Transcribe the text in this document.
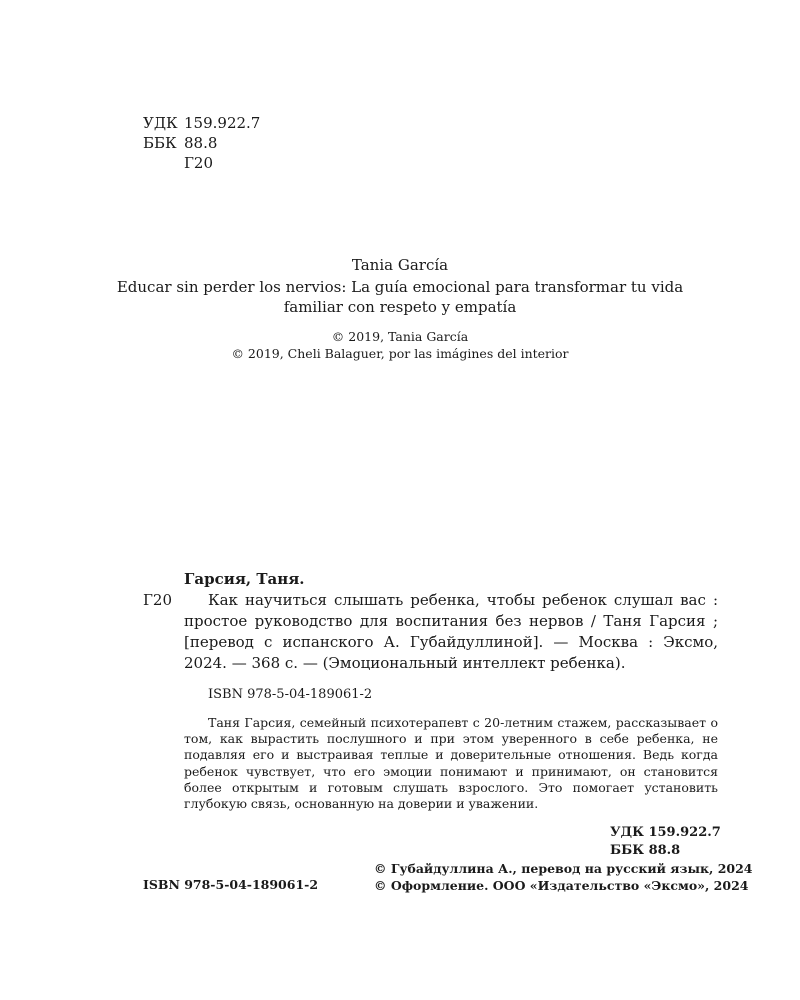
УДК 159.922.7
ББК 88.8
Г20
Tania García
Educar sin perder los nervios: La guía emocional para transformar tu vida
familiar con respeto y empatía
© 2019, Tania García
© 2019, Cheli Balaguer, por las imágines del interior
Гарсия, Таня.
Г20	Как научиться слышать ребенка, чтобы ребенок слушал вас : простое руководство для воспитания без нервов / Таня Гарсия ; [перевод с испанского А. Губайдуллиной]. — Москва : Эксмо, 2024. — 368 с. — (Эмоциональный интеллект ребенка).
ISBN 978-5-04-189061-2
Таня Гарсия, семейный психотерапевт с 20-летним стажем, рассказывает о том, как вырастить послушного и при этом уверенного в себе ребенка, не подавляя его и выстраивая теплые и доверительные отношения. Ведь когда ребенок чувствует, что его эмоции понимают и принимают, он становится более открытым и готовым слушать взрослого. Это помогает установить глубокую связь, основанную на доверии и уважении.
УДК 159.922.7
ББК 88.8
ISBN 978-5-04-189061-2
© Губайдуллина А., перевод на русский язык, 2024
© Оформление. ООО «Издательство «Эксмо», 2024
